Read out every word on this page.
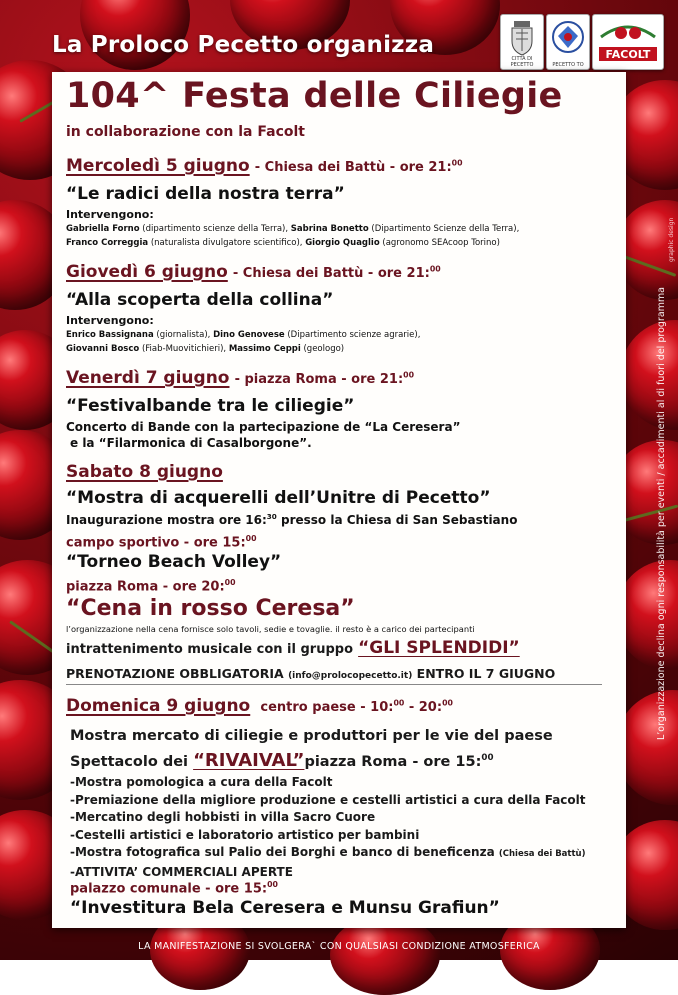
La Proloco Pecetto organizza
CITTÀ DI PECETTO	PECETTO TO
FACOLT
104^ Festa delle Ciliegie
in collaborazione con la Facolt
Mercoledì 5 giugno - Chiesa dei Battù - ore 21:$^{00}$
“Le radici della nostra terra”
Intervengono:
Gabriella Forno (dipartimento scienze della Terra), Sabrina Bonetto (Dipartimento Scienze della Terra),
Franco Correggia (naturalista divulgatore scientifico), Giorgio Quaglio (agronomo SEAcoop Torino)
Giovedì 6 giugno - Chiesa dei Battù - ore 21:$^{00}$
“Alla scoperta della collina”
Intervengono:
Enrico Bassignana (giornalista), Dino Genovese (Dipartimento scienze agrarie),
Giovanni Bosco (Fiab-Muovitichieri), Massimo Ceppi (geologo)
Venerdì 7 giugno - piazza Roma - ore 21:$^{00}$
“Festivalbande tra le ciliegie”
Concerto di Bande con la partecipazione de “La Ceresera”
e la “Filarmonica di Casalborgone”.
Sabato 8 giugno
“Mostra di acquerelli dell’Unitre di Pecetto”
Inaugurazione mostra ore 16:$^{30}$ presso la Chiesa di San Sebastiano
campo sportivo - ore 15:$^{00}$
“Torneo Beach Volley”
piazza Roma - ore 20:$^{00}$
“Cena in rosso Ceresa”
l’organizzazione nella cena fornisce solo tavoli, sedie e tovaglie. il resto è a carico dei partecipanti
intrattenimento musicale con il gruppo “GLI SPLENDIDI”
PRENOTAZIONE OBBLIGATORIA (info@prolocopecetto.it) ENTRO IL 7 GIUGNO
Domenica 9 giugno centro paese - 10:$^{00}$ - 20:$^{00}$
Mostra mercato di ciliegie e produttori per le vie del paese
Spettacolo dei “RIVAIVAL”piazza Roma - ore 15:$^{00}$
-Mostra pomologica a cura della Facolt
-Premiazione della migliore produzione e cestelli artistici a cura della Facolt
-Mercatino degli hobbisti in villa Sacro Cuore
-Cestelli artistici e laboratorio artistico per bambini
-Mostra fotografica sul Palio dei Borghi e banco di beneficenza (Chiesa dei Battù)
-ATTIVITA’ COMMERCIALI APERTE
palazzo comunale - ore 15:$^{00}$
“Investitura Bela Ceresera e Munsu Grafiun”
L’organizzazione declina ogni responsabilità per eventi / accadimenti al di fuori del programma
graphic design
LA MANIFESTAZIONE SI SVOLGERA` CON QUALSIASI CONDIZIONE ATMOSFERICA
